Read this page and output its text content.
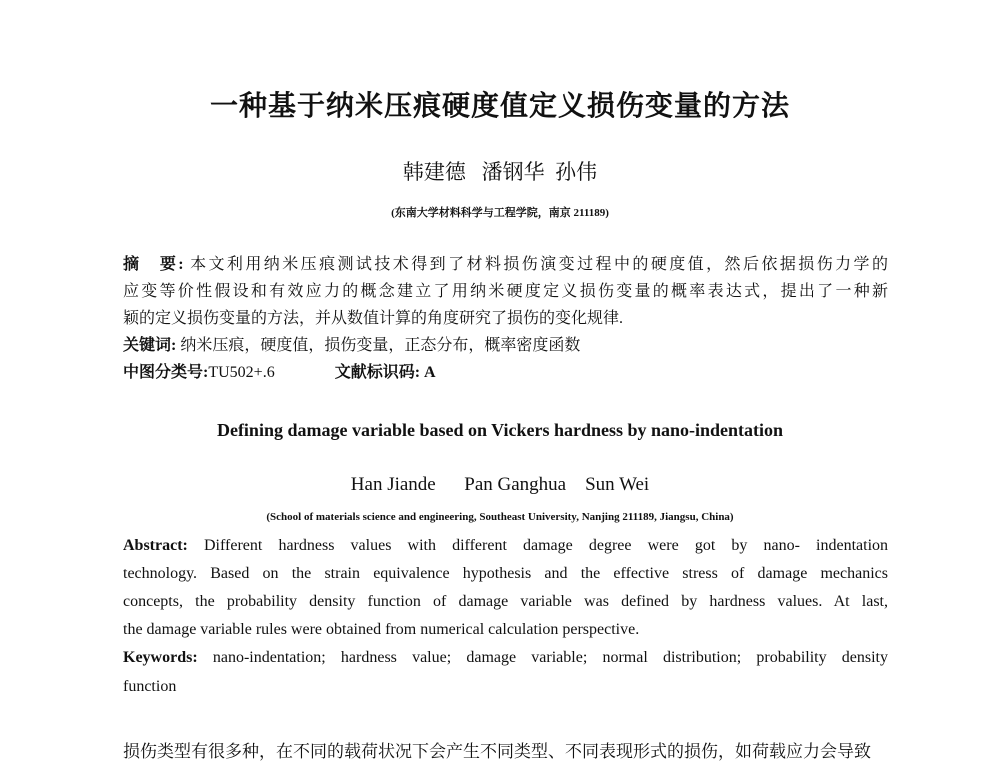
一种基于纳米压痕硬度值定义损伤变量的方法
韩建德 潘钢华 孙伟
(东南大学材料科学与工程学院，南京 211189)
摘　要: 本文利用纳米压痕测试技术得到了材料损伤演变过程中的硬度值，然后依据损伤力学的
应变等价性假设和有效应力的概念建立了用纳米硬度定义损伤变量的概率表达式，提出了一种新
颖的定义损伤变量的方法，并从数值计算的角度研究了损伤的变化规律.
关键词: 纳米压痕，硬度值，损伤变量，正态分布，概率密度函数
中图分类号:TU502+.6	文献标识码: A
Defining damage variable based on Vickers hardness by nano-indentation
Han Jiande Pan Ganghua Sun Wei
(School of materials science and engineering, Southeast University, Nanjing 211189, Jiangsu, China)
Abstract: Different hardness values with different damage degree were got by nano- indentation
technology. Based on the strain equivalence hypothesis and the effective stress of damage mechanics
concepts, the probability density function of damage variable was defined by hardness values. At last,
the damage variable rules were obtained from numerical calculation perspective.
Keywords: nano-indentation; hardness value; damage variable; normal distribution; probability density
function
损伤类型有很多种，在不同的载荷状况下会产生不同类型、不同表现形式的损伤，如荷载应力会导致
